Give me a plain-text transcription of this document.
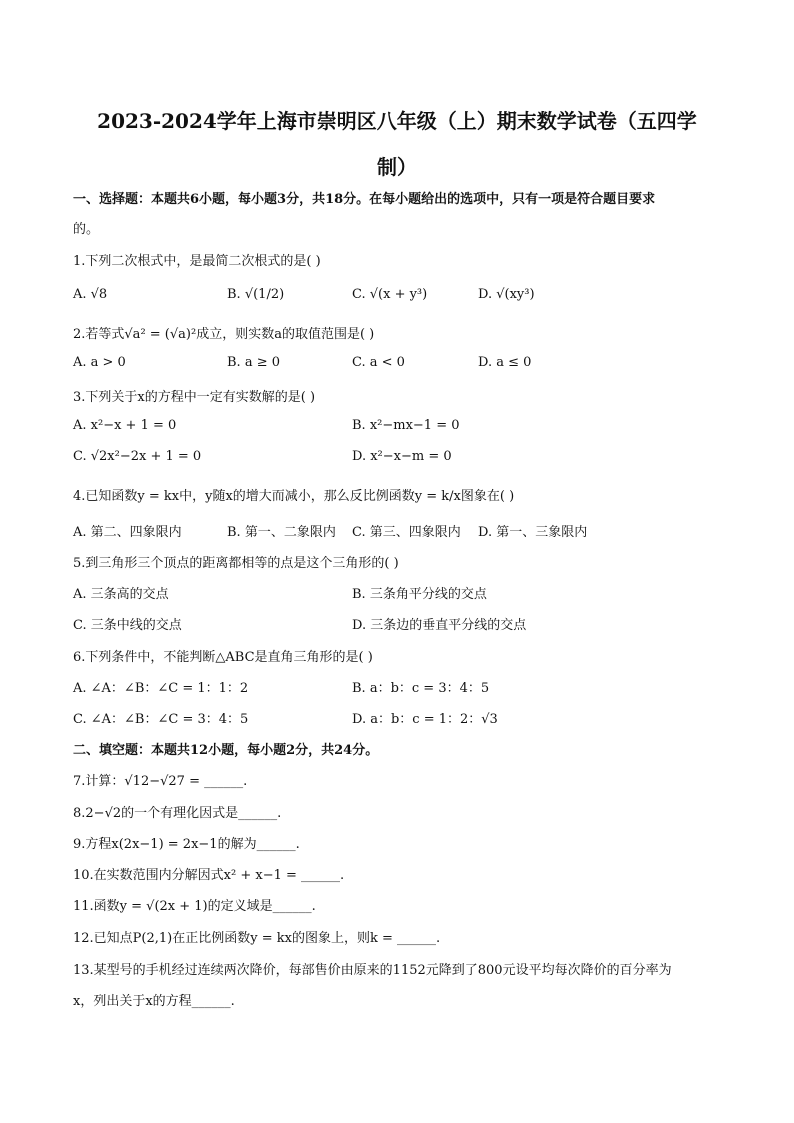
2023-2024学年上海市崇明区八年级（上）期末数学试卷（五四学
制）
一、选择题：本题共6小题，每小题3分，共18分。在每小题给出的选项中，只有一项是符合题目要求
的。
1.下列二次根式中，是最简二次根式的是( )
A. √8	B. √(1/2)	C. √(x + y³)	D. √(xy³)
2.若等式√a² = (√a)²成立，则实数a的取值范围是( )
A. a > 0	B. a ≥ 0	C. a < 0	D. a ≤ 0
3.下列关于x的方程中一定有实数解的是( )
A. x²−x + 1 = 0	B. x²−mx−1 = 0
C. √2x²−2x + 1 = 0	D. x²−x−m = 0
4.已知函数y = kx中，y随x的增大而减小，那么反比例函数y = k/x图象在( )
A. 第二、四象限内	B. 第一、二象限内 C. 第三、四象限内 D. 第一、三象限内
5.到三角形三个顶点的距离都相等的点是这个三角形的( )
A. 三条高的交点	B. 三条角平分线的交点
C. 三条中线的交点	D. 三条边的垂直平分线的交点
6.下列条件中，不能判断△ABC是直角三角形的是( )
A. ∠A：∠B：∠C = 1：1：2	B. a：b：c = 3：4：5
C. ∠A：∠B：∠C = 3：4：5	D. a：b：c = 1：2：√3
二、填空题：本题共12小题，每小题2分，共24分。
7.计算：√12−√27 = ______.
8.2−√2的一个有理化因式是______.
9.方程x(2x−1) = 2x−1的解为______.
10.在实数范围内分解因式x² + x−1 = ______.
11.函数y = √(2x + 1)的定义域是______.
12.已知点P(2,1)在正比例函数y = kx的图象上，则k = ______.
13.某型号的手机经过连续两次降价，每部售价由原来的1152元降到了800元设平均每次降价的百分率为
x，列出关于x的方程______.
